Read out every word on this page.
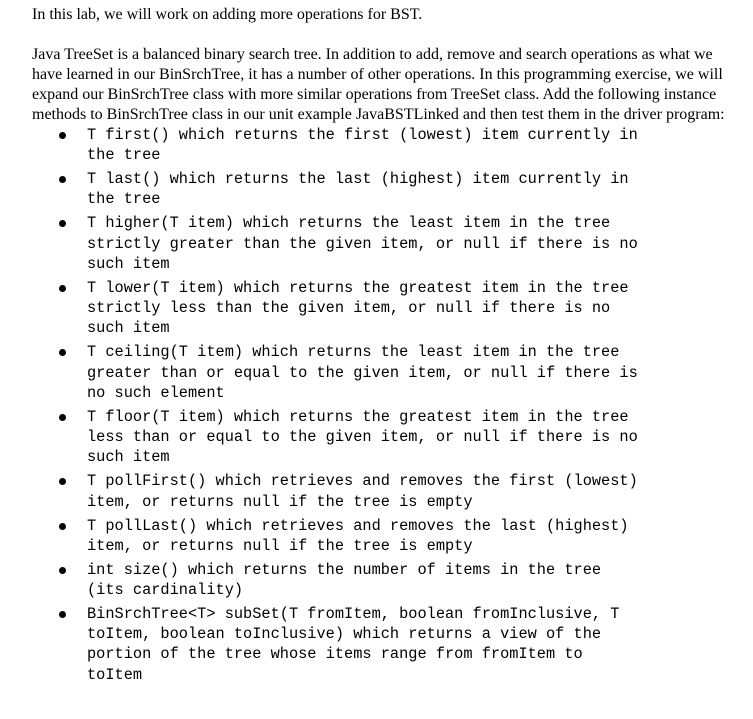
In this lab, we will work on adding more operations for BST.

Java TreeSet is a balanced binary search tree. In addition to add, remove and search operations as what we have learned in our BinSrchTree, it has a number of other operations. In this programming exercise, we will expand our BinSrchTree class with more similar operations from TreeSet class. Add the following instance methods to BinSrchTree class in our unit example JavaBSTLinked and then test them in the driver program:

T first() which returns the first (lowest) item currently in
the tree
T last() which returns the last (highest) item currently in
the tree
T higher(T item) which returns the least item in the tree
strictly greater than the given item, or null if there is no
such item
T lower(T item) which returns the greatest item in the tree
strictly less than the given item, or null if there is no
such item
T ceiling(T item) which returns the least item in the tree
greater than or equal to the given item, or null if there is
no such element
T floor(T item) which returns the greatest item in the tree
less than or equal to the given item, or null if there is no
such item
T pollFirst() which retrieves and removes the first (lowest)
item, or returns null if the tree is empty
T pollLast() which retrieves and removes the last (highest)
item, or returns null if the tree is empty
int size() which returns the number of items in the tree
(its cardinality)
BinSrchTree<T> subSet(T fromItem, boolean fromInclusive, T
toItem, boolean toInclusive) which returns a view of the
portion of the tree whose items range from fromItem to
toItem
